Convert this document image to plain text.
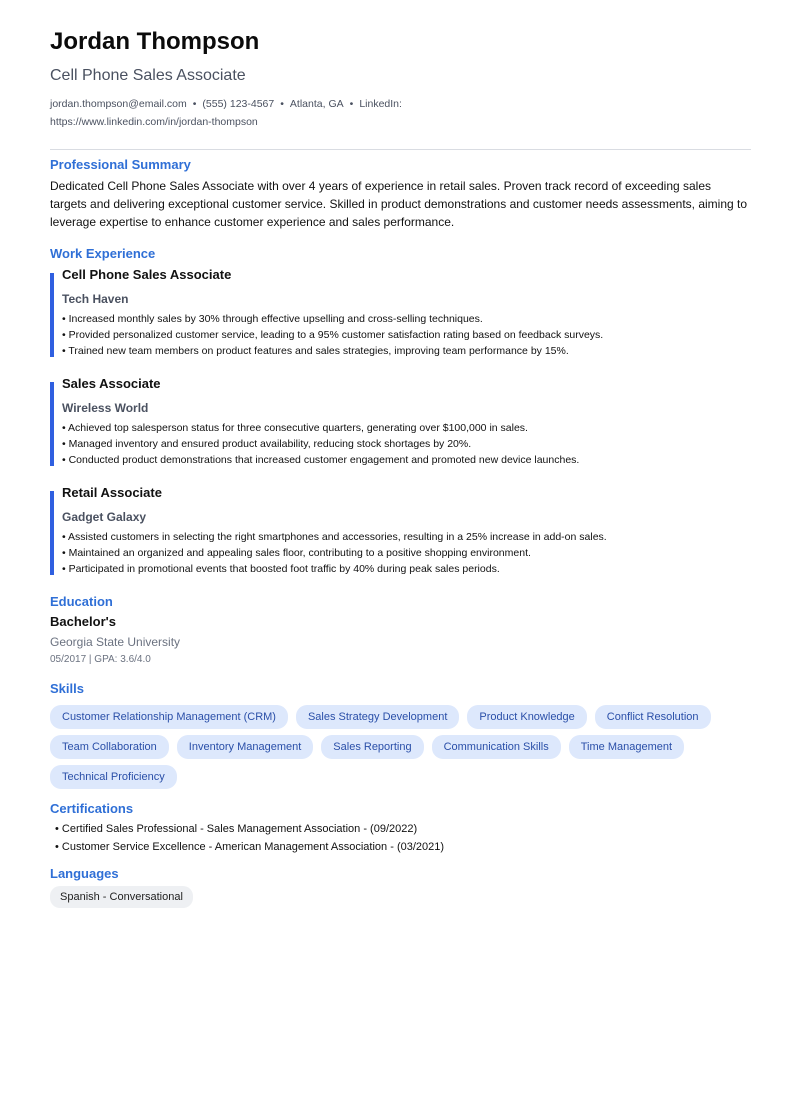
Jordan Thompson
Cell Phone Sales Associate
jordan.thompson@email.com • (555) 123-4567 • Atlanta, GA • LinkedIn:
https://www.linkedin.com/in/jordan-thompson
Professional Summary
Dedicated Cell Phone Sales Associate with over 4 years of experience in retail sales. Proven track record of exceeding sales targets and delivering exceptional customer service. Skilled in product demonstrations and customer needs assessments, aiming to leverage expertise to enhance customer experience and sales performance.
Work Experience
Cell Phone Sales Associate
Tech Haven
• Increased monthly sales by 30% through effective upselling and cross-selling techniques.
• Provided personalized customer service, leading to a 95% customer satisfaction rating based on feedback surveys.
• Trained new team members on product features and sales strategies, improving team performance by 15%.
Sales Associate
Wireless World
• Achieved top salesperson status for three consecutive quarters, generating over $100,000 in sales.
• Managed inventory and ensured product availability, reducing stock shortages by 20%.
• Conducted product demonstrations that increased customer engagement and promoted new device launches.
Retail Associate
Gadget Galaxy
• Assisted customers in selecting the right smartphones and accessories, resulting in a 25% increase in add-on sales.
• Maintained an organized and appealing sales floor, contributing to a positive shopping environment.
• Participated in promotional events that boosted foot traffic by 40% during peak sales periods.
Education
Bachelor's
Georgia State University
05/2017 | GPA: 3.6/4.0
Skills
Customer Relationship Management (CRM)	Sales Strategy Development	Product Knowledge	Conflict Resolution
Team Collaboration	Inventory Management	Sales Reporting	Communication Skills	Time Management
Technical Proficiency
Certifications
• Certified Sales Professional - Sales Management Association - (09/2022)
• Customer Service Excellence - American Management Association - (03/2021)
Languages
Spanish - Conversational
